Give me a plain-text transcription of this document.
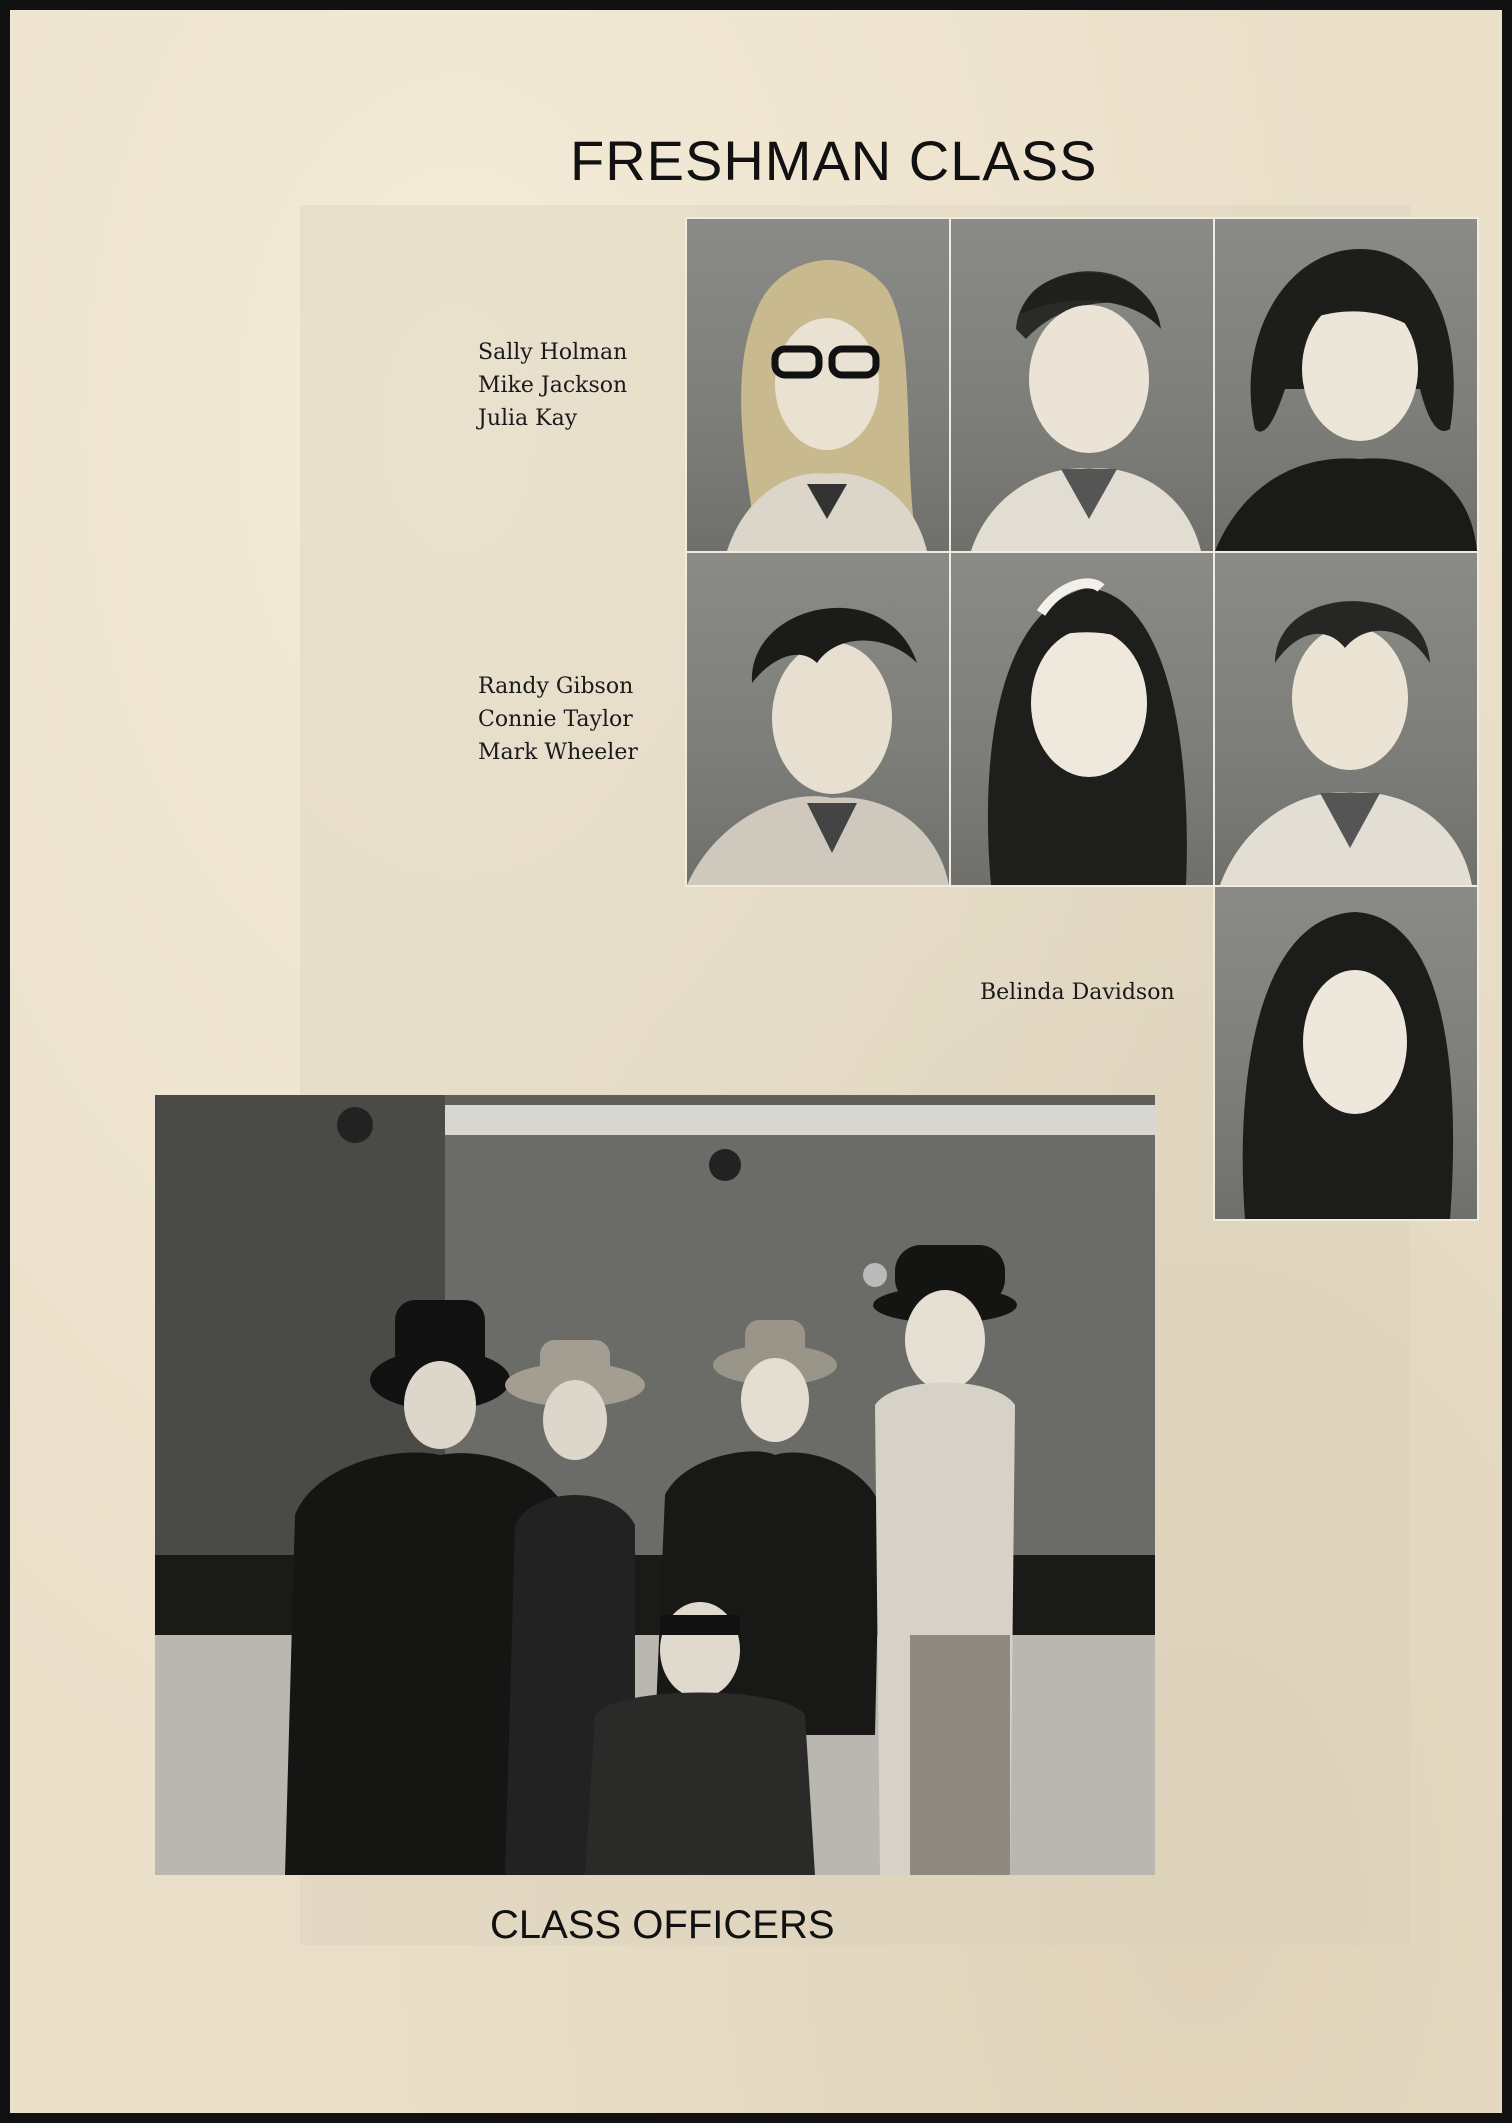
FRESHMAN CLASS
Sally Holman
Mike Jackson
Julia Kay
Randy Gibson
Connie Taylor
Mark Wheeler
Belinda Davidson
CLASS OFFICERS
